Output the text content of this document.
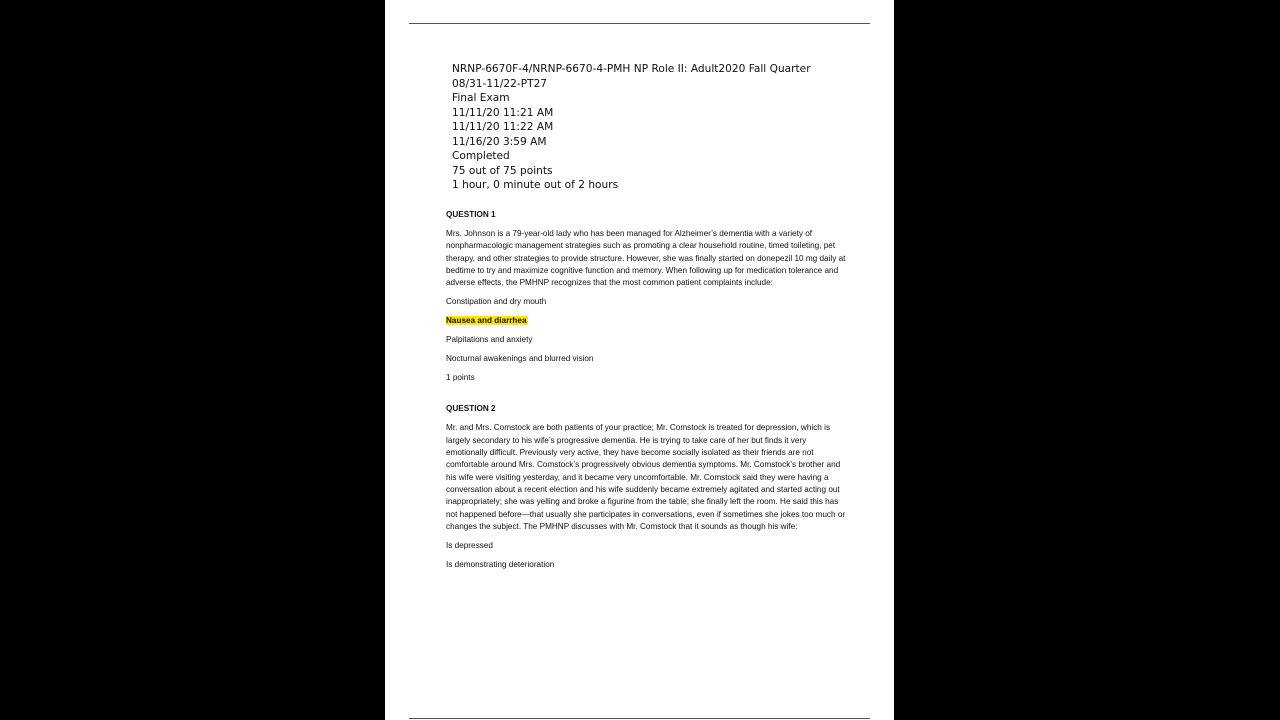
NRNP-6670F-4/NRNP-6670-4-PMH NP Role II: Adult2020 Fall Quarter
08/31-11/22-PT27
Final Exam
11/11/20 11:21 AM
11/11/20 11:22 AM
11/16/20 3:59 AM
Completed
75 out of 75 points
1 hour, 0 minute out of 2 hours

QUESTION 1

Mrs. Johnson is a 79-year-old lady who has been managed for Alzheimer’s dementia with a variety of nonpharmacologic management strategies such as promoting a clear household routine, timed toileting, pet therapy, and other strategies to provide structure. However, she was finally started on donepezil 10 mg daily at bedtime to try and maximize cognitive function and memory. When following up for medication tolerance and adverse effects, the PMHNP recognizes that the most common patient complaints include:

Constipation and dry mouth

Nausea and diarrhea

Palpitations and anxiety

Nocturnal awakenings and blurred vision

1 points

QUESTION 2

Mr. and Mrs. Comstock are both patients of your practice; Mr. Comstock is treated for depression, which is largely secondary to his wife’s progressive dementia. He is trying to take care of her but finds it very emotionally difficult. Previously very active, they have become socially isolated as their friends are not comfortable around Mrs. Comstock’s progressively obvious dementia symptoms. Mr. Comstock’s brother and his wife were visiting yesterday, and it became very uncomfortable. Mr. Comstock said they were having a conversation about a recent election and his wife suddenly became extremely agitated and started acting out inappropriately; she was yelling and broke a figurine from the table; she finally left the room. He said this has not happened before—that usually she participates in conversations, even if sometimes she jokes too much or changes the subject. The PMHNP discusses with Mr. Comstock that it sounds as though his wife:

Is depressed

Is demonstrating deterioration
